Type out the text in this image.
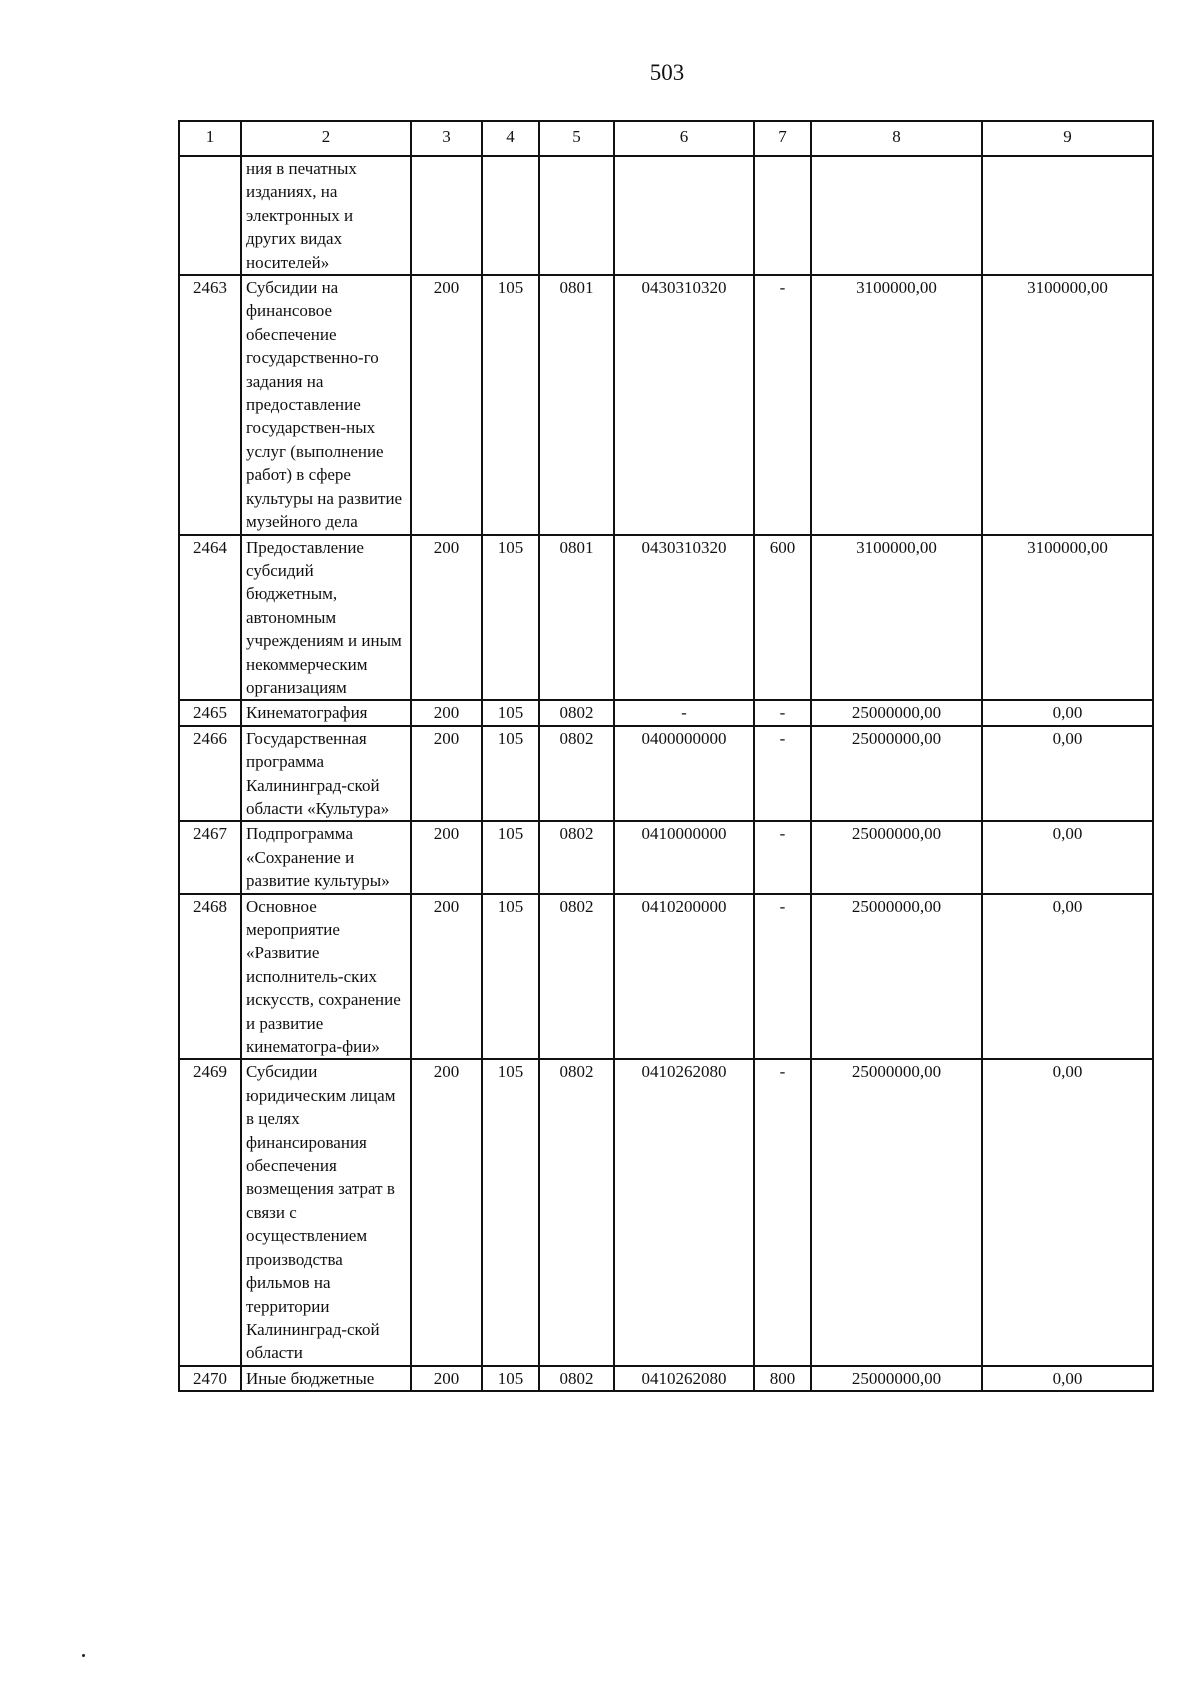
503
1	2	3	4	5	6	7	8	9
	ния в печатных изданиях, на электронных и других видах носителей»							
2463	Субсидии на финансовое обеспечение государственно-го задания на предоставление государствен-ных услуг (выполнение работ) в сфере культуры на развитие музейного дела	200	105	0801	0430310320	-	3100000,00	3100000,00
2464	Предоставление субсидий бюджетным, автономным учреждениям и иным некоммерческим организациям	200	105	0801	0430310320	600	3100000,00	3100000,00
2465	Кинематография	200	105	0802	-	-	25000000,00	0,00
2466	Государственная программа Калининград-ской области «Культура»	200	105	0802	0400000000	-	25000000,00	0,00
2467	Подпрограмма «Сохранение и развитие культуры»	200	105	0802	0410000000	-	25000000,00	0,00
2468	Основное мероприятие «Развитие исполнитель-ских искусств, сохранение и развитие кинематогра-фии»	200	105	0802	0410200000	-	25000000,00	0,00
2469	Субсидии юридическим лицам в целях финансирования обеспечения возмещения затрат в связи с осуществлением производства фильмов на территории Калининград-ской области	200	105	0802	0410262080	-	25000000,00	0,00
2470	Иные бюджетные	200	105	0802	0410262080	800	25000000,00	0,00
